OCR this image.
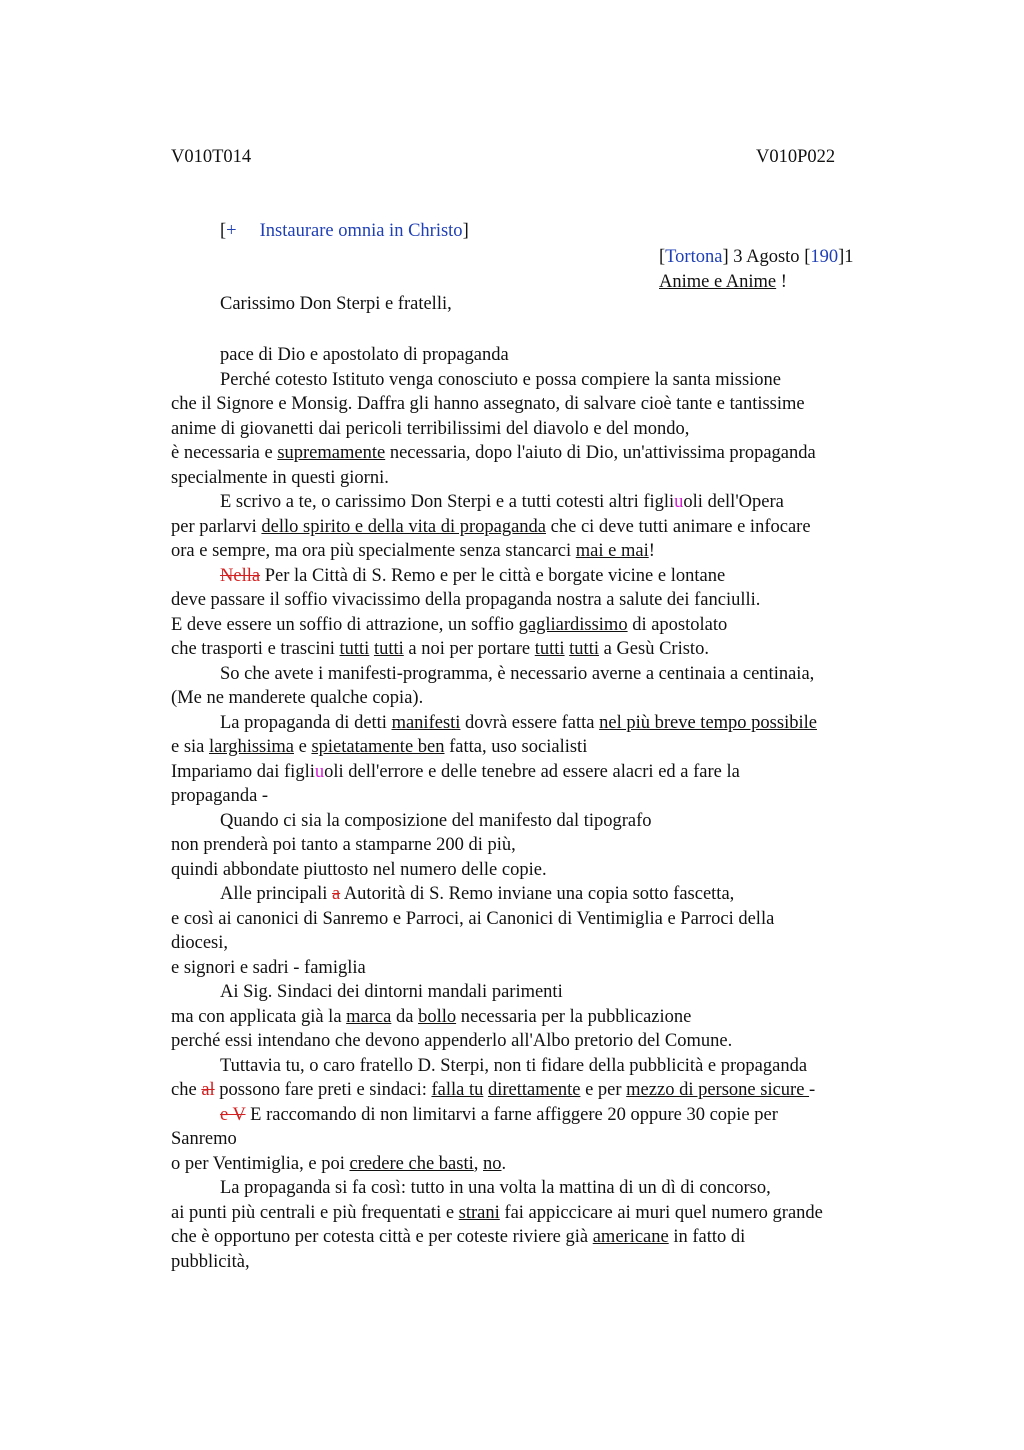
V010T014	V010P022
[+ Instaurare omnia in Christo]
[Tortona] 3 Agosto [190]1
Anime e Anime !
Carissimo Don Sterpi e fratelli,
pace di Dio e apostolato di propaganda
Perché cotesto Istituto venga conosciuto e possa compiere la santa missione
che il Signore e Monsig. Daffra gli hanno assegnato, di salvare cioè tante e tantissime
anime di giovanetti dai pericoli terribilissimi del diavolo e del mondo,
è necessaria e supremamente necessaria, dopo l'aiuto di Dio, un'attivissima propaganda
specialmente in questi giorni.
E scrivo a te, o carissimo Don Sterpi e a tutti cotesti altri figliuoli dell'Opera
per parlarvi dello spirito e della vita di propaganda che ci deve tutti animare e infocare
ora e sempre, ma ora più specialmente senza stancarci mai e mai!
Nella Per la Città di S. Remo e per le città e borgate vicine e lontane
deve passare il soffio vivacissimo della propaganda nostra a salute dei fanciulli.
E deve essere un soffio di attrazione, un soffio gagliardissimo di apostolato
che trasporti e trascini tutti tutti a noi per portare tutti tutti a Gesù Cristo.
So che avete i manifesti-programma, è necessario averne a centinaia a centinaia,
(Me ne manderete qualche copia).
La propaganda di detti manifesti dovrà essere fatta nel più breve tempo possibile
e sia larghissima e spietatamente ben fatta, uso socialisti
Impariamo dai figliuoli dell'errore e delle tenebre ad essere alacri ed a fare la
propaganda -
Quando ci sia la composizione del manifesto dal tipografo
non prenderà poi tanto a stamparne 200 di più,
quindi abbondate piuttosto nel numero delle copie.
Alle principali a Autorità di S. Remo inviane una copia sotto fascetta,
e così ai canonici di Sanremo e Parroci, ai Canonici di Ventimiglia e Parroci della
diocesi,
e signori e sadri - famiglia
Ai Sig. Sindaci dei dintorni mandali parimenti
ma con applicata già la marca da bollo necessaria per la pubblicazione
perché essi intendano che devono appenderlo all'Albo pretorio del Comune.
Tuttavia tu, o caro fratello D. Sterpi, non ti fidare della pubblicità e propaganda
che al possono fare preti e sindaci: falla tu direttamente e per mezzo di persone sicure -
e V E raccomando di non limitarvi a farne affiggere 20 oppure 30 copie per
Sanremo
o per Ventimiglia, e poi credere che basti, no.
La propaganda si fa così: tutto in una volta la mattina di un dì di concorso,
ai punti più centrali e più frequentati e strani fai appiccicare ai muri quel numero grande
che è opportuno per cotesta città e per coteste riviere già americane in fatto di
pubblicità,
